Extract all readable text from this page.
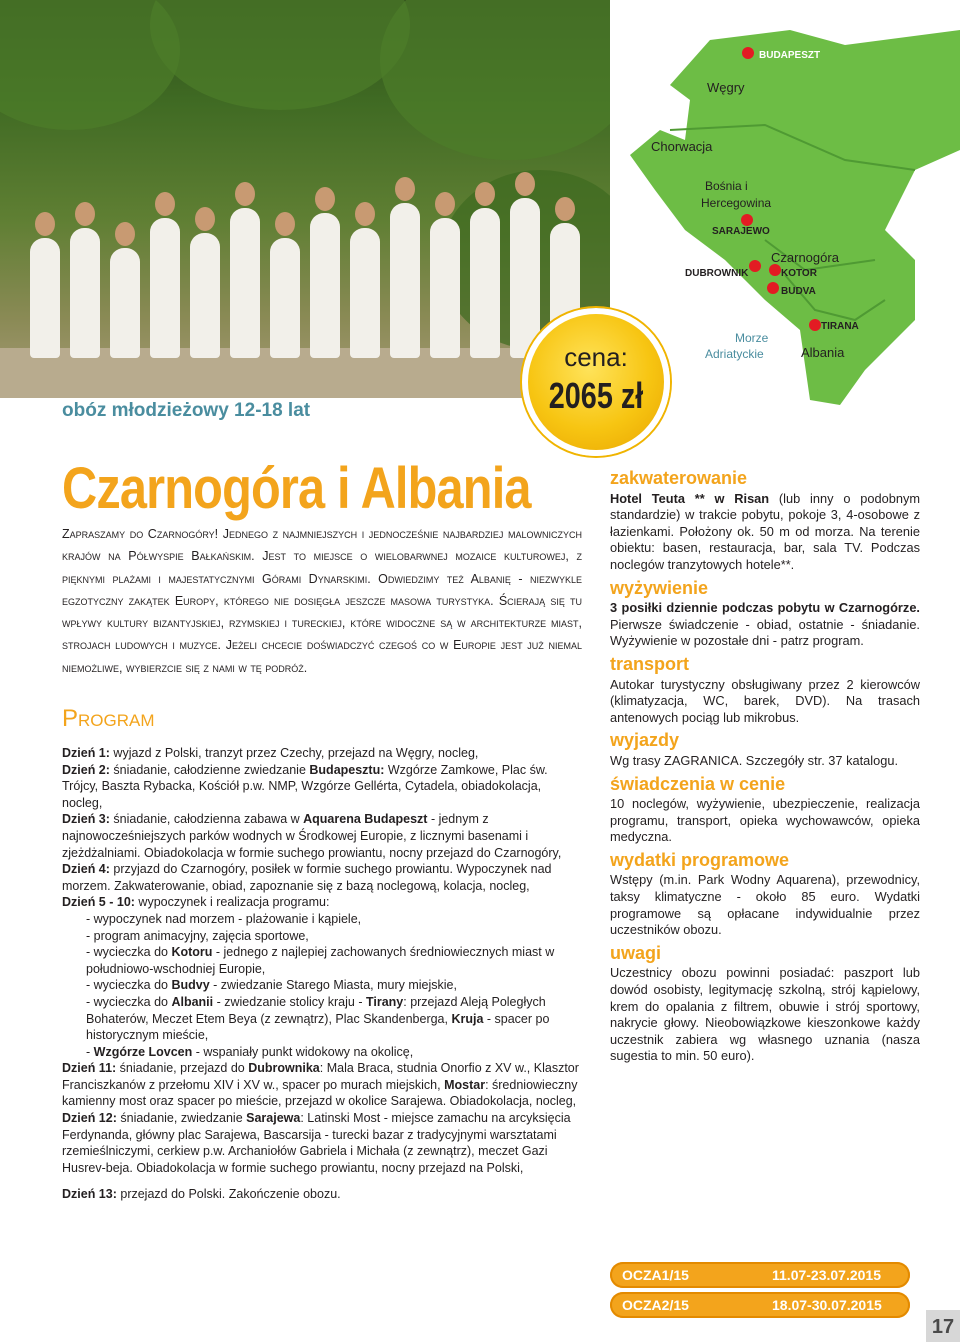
BUDAPESZT
SARAJEWO
DUBROWNIK	KOTOR
BUDVA
TIRANA
Węgry
Chorwacja
Bośnia i
Hercegowina
Czarnogóra
Albania
Morze
Adriatyckie
obóz młodzieżowy 12-18 lat
cena:
2065 zł
Czarnogóra i Albania
Zapraszamy do Czarnogóry! Jednego z najmniejszych i jednocześnie najbardziej malowniczych krajów na Półwyspie Bałkańskim. Jest to miejsce o wielobarwnej mozaice kulturowej, z pięknymi plażami i majestatycznymi Górami Dynarskimi. Odwiedzimy też Albanię - niezwykle egzotyczny zakątek Europy, którego nie dosięgła jeszcze masowa turystyka. Ścierają się tu wpływy kultury bizantyjskiej, rzymskiej i tureckiej, które widoczne są w architekturze miast, strojach ludowych i muzyce. Jeżeli chcecie doświadczyć czegoś co w Europie jest już niemal niemożliwe, wybierzcie się z nami w tę podróż.
Program

Dzień 1: wyjazd z Polski, tranzyt przez Czechy, przejazd na Węgry, nocleg,

Dzień 2: śniadanie, całodzienne zwiedzanie Budapesztu: Wzgórze Zamkowe, Plac św. Trójcy, Baszta Rybacka, Kościół p.w. NMP, Wzgórze Gellérta, Cytadela, obiadokolacja, nocleg,

Dzień 3: śniadanie, całodzienna zabawa w Aquarena Budapeszt - jednym z najnowocześniejszych parków wodnych w Środkowej Europie, z licznymi basenami i zjeżdżalniami. Obiadokolacja w formie suchego prowiantu, nocny przejazd do Czarnogóry,

Dzień 4: przyjazd do Czarnogóry, posiłek w formie suchego prowiantu. Wypoczynek nad morzem. Zakwaterowanie, obiad, zapoznanie się z bazą noclegową, kolacja, nocleg,

Dzień 5 - 10: wypoczynek i realizacja programu:

- wypoczynek nad morzem - plażowanie i kąpiele,

- program animacyjny, zajęcia sportowe,

- wycieczka do Kotoru - jednego z najlepiej zachowanych średniowiecznych miast w południowo-wschodniej Europie,

- wycieczka do Budvy - zwiedzanie Starego Miasta, mury miejskie,

- wycieczka do Albanii - zwiedzanie stolicy kraju - Tirany: przejazd Aleją Poległych Bohaterów, Meczet Etem Beya (z zewnątrz), Plac Skandenberga, Kruja - spacer po historycznym mieście,

- Wzgórze Lovcen - wspaniały punkt widokowy na okolicę,

Dzień 11: śniadanie, przejazd do Dubrownika: Mala Braca, studnia Onorfio z XV w., Klasztor Franciszkanów z przełomu XIV i XV w., spacer po murach miejskich, Mostar: średniowieczny kamienny most oraz spacer po mieście, przejazd w okolice Sarajewa. Obiadokolacja, nocleg,

Dzień 12: śniadanie, zwiedzanie Sarajewa: Latinski Most - miejsce zamachu na arcyksięcia Ferdynanda, główny plac Sarajewa, Bascarsija - turecki bazar z tradycyjnymi warsztatami rzemieślniczymi, cerkiew p.w. Archaniołów Gabriela i Michała (z zewnątrz), meczet Gazi Husrev-beja. Obiadokolacja w formie suchego prowiantu, nocny przejazd na Polski,

Dzień 13: przejazd do Polski. Zakończenie obozu.

zakwaterowanie

Hotel Teuta ** w Risan (lub inny o podobnym standardzie) w trakcie pobytu, pokoje 3, 4-osobowe z łazienkami. Położony ok. 50 m od morza. Na terenie obiektu: basen, restauracja, bar, sala TV. Podczas noclegów tranzytowych hotele**.

wyżywienie

3 posiłki dziennie podczas pobytu w Czarnogórze. Pierwsze świadczenie - obiad, ostatnie - śniadanie. Wyżywienie w pozostałe dni - patrz program.

transport

Autokar turystyczny obsługiwany przez 2 kierowców (klimatyzacja, WC, barek, DVD). Na trasach antenowych pociąg lub mikrobus.

wyjazdy

Wg trasy ZAGRANICA. Szczegóły str. 37 katalogu.

świadczenia w cenie

10 noclegów, wyżywienie, ubezpieczenie, realizacja programu, transport, opieka wychowawców, opieka medyczna.

wydatki programowe

Wstępy (m.in. Park Wodny Aquarena), przewodnicy, taksy klimatyczne - około 85 euro. Wydatki programowe są opłacane indywidualnie przez uczestników obozu.

uwagi

Uczestnicy obozu powinni posiadać: paszport lub dowód osobisty, legitymację szkolną, strój kąpielowy, krem do opalania z filtrem, obuwie i strój sportowy, nakrycie głowy. Nieobowiązkowe kieszonkowe każdy uczestnik zabiera wg własnego uznania (nasza sugestia to min. 50 euro).

OCZA1/15	11.07-23.07.2015
OCZA2/15	18.07-30.07.2015
17
